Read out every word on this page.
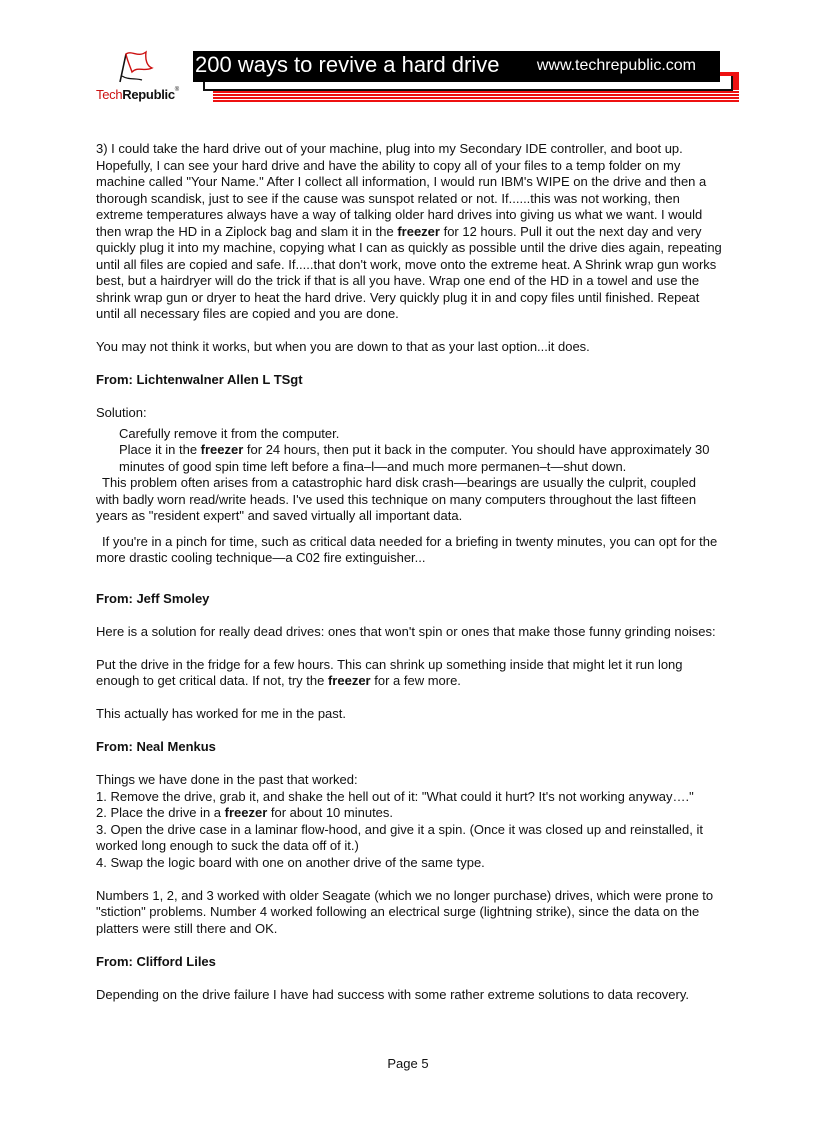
TechRepublic®
200 ways to revive a hard drive www.techrepublic.com

3) I could take the hard drive out of your machine, plug into my Secondary IDE controller, and boot up. Hopefully, I can see your hard drive and have the ability to copy all of your files to a temp folder on my machine called "Your Name." After I collect all information, I would run IBM's WIPE on the drive and then a thorough scandisk, just to see if the cause was sunspot related or not. If......this was not working, then extreme temperatures always have a way of talking older hard drives into giving us what we want. I would then wrap the HD in a Ziplock bag and slam it in the freezer for 12 hours. Pull it out the next day and very quickly plug it into my machine, copying what I can as quickly as possible until the drive dies again, repeating until all files are copied and safe. If.....that don't work, move onto the extreme heat. A Shrink wrap gun works best, but a hairdryer will do the trick if that is all you have. Wrap one end of the HD in a towel and use the shrink wrap gun or dryer to heat the hard drive. Very quickly plug it in and copy files until finished. Repeat until all necessary files are copied and you are done.

You may not think it works, but when you are down to that as your last option...it does.

From: Lichtenwalner Allen L TSgt

Solution:

Carefully remove it from the computer.

Place it in the freezer for 24 hours, then put it back in the computer. You should have approximately 30 minutes of good spin time left before a fina–l—and much more permanen–t—shut down.

This problem often arises from a catastrophic hard disk crash—bearings are usually the culprit, coupled with badly worn read/write heads. I've used this technique on many computers throughout the last fifteen years as "resident expert" and saved virtually all important data.

If you're in a pinch for time, such as critical data needed for a briefing in twenty minutes, you can opt for the more drastic cooling technique—a C02 fire extinguisher...

From: Jeff Smoley

Here is a solution for really dead drives: ones that won't spin or ones that make those funny grinding noises:

Put the drive in the fridge for a few hours. This can shrink up something inside that might let it run long enough to get critical data. If not, try the freezer for a few more.

This actually has worked for me in the past.

From: Neal Menkus

Things we have done in the past that worked:

1. Remove the drive, grab it, and shake the hell out of it: "What could it hurt? It's not working anyway…."

2. Place the drive in a freezer for about 10 minutes.

3. Open the drive case in a laminar flow-hood, and give it a spin. (Once it was closed up and reinstalled, it worked long enough to suck the data off of it.)

4. Swap the logic board with one on another drive of the same type.

Numbers 1, 2, and 3 worked with older Seagate (which we no longer purchase) drives, which were prone to "stiction" problems. Number 4 worked following an electrical surge (lightning strike), since the data on the platters were still there and OK.

From: Clifford Liles

Depending on the drive failure I have had success with some rather extreme solutions to data recovery.

Page 5
